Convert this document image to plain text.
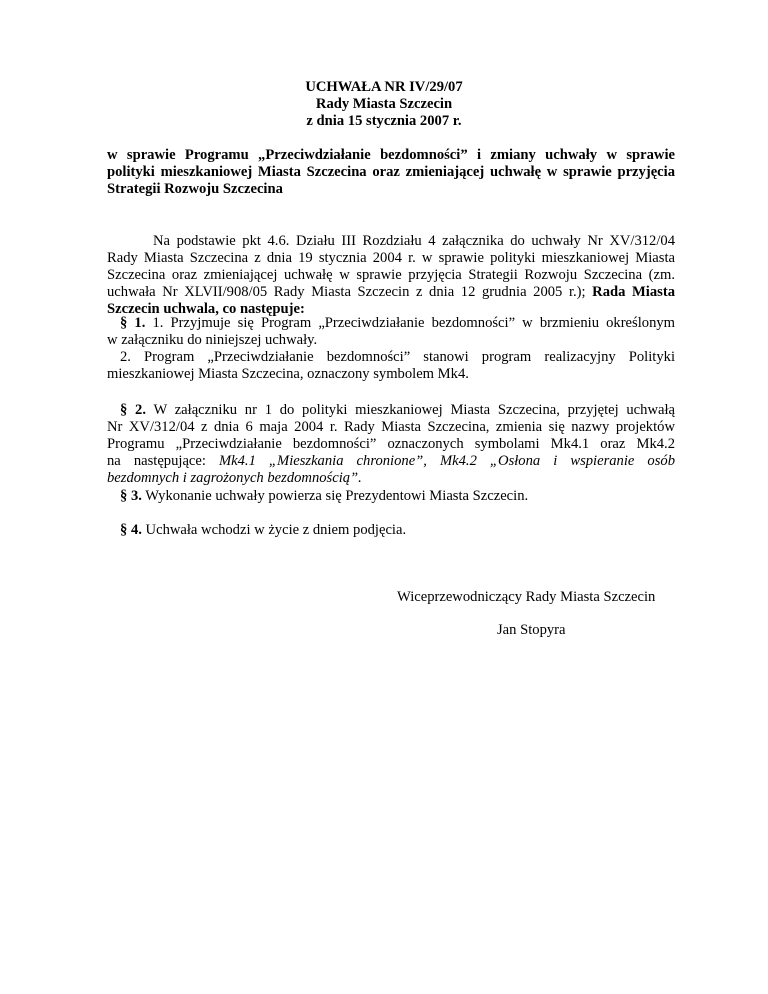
UCHWAŁA NR IV/29/07
Rady Miasta Szczecin
z dnia 15 stycznia 2007 r.
w sprawie Programu „Przeciwdziałanie bezdomności” i zmiany uchwały w sprawie
polityki mieszkaniowej Miasta Szczecina oraz zmieniającej uchwałę w sprawie przyjęcia
Strategii Rozwoju Szczecina
Na podstawie pkt 4.6. Działu III Rozdziału 4 załącznika do uchwały Nr XV/312/04
Rady Miasta Szczecina z dnia 19 stycznia 2004 r. w sprawie polityki mieszkaniowej Miasta
Szczecina oraz zmieniającej uchwałę w sprawie przyjęcia Strategii Rozwoju Szczecina (zm.
uchwała Nr XLVII/908/05 Rady Miasta Szczecin z dnia 12 grudnia 2005 r.); Rada Miasta
Szczecin uchwala, co następuje:
§ 1. 1. Przyjmuje się Program „Przeciwdziałanie bezdomności” w brzmieniu określonym
w załączniku do niniejszej uchwały.
2. Program „Przeciwdziałanie bezdomności” stanowi program realizacyjny Polityki
mieszkaniowej Miasta Szczecina, oznaczony symbolem Mk4.
§ 2. W załączniku nr 1 do polityki mieszkaniowej Miasta Szczecina, przyjętej uchwałą
Nr XV/312/04 z dnia 6 maja 2004 r. Rady Miasta Szczecina, zmienia się nazwy projektów
Programu „Przeciwdziałanie bezdomności” oznaczonych symbolami Mk4.1 oraz Mk4.2
na następujące: Mk4.1 „Mieszkania chronione”, Mk4.2 „Osłona i wspieranie osób
bezdomnych i zagrożonych bezdomnością”.
§ 3. Wykonanie uchwały powierza się Prezydentowi Miasta Szczecin.
§ 4. Uchwała wchodzi w życie z dniem podjęcia.
Wiceprzewodniczący Rady Miasta Szczecin
Jan Stopyra
